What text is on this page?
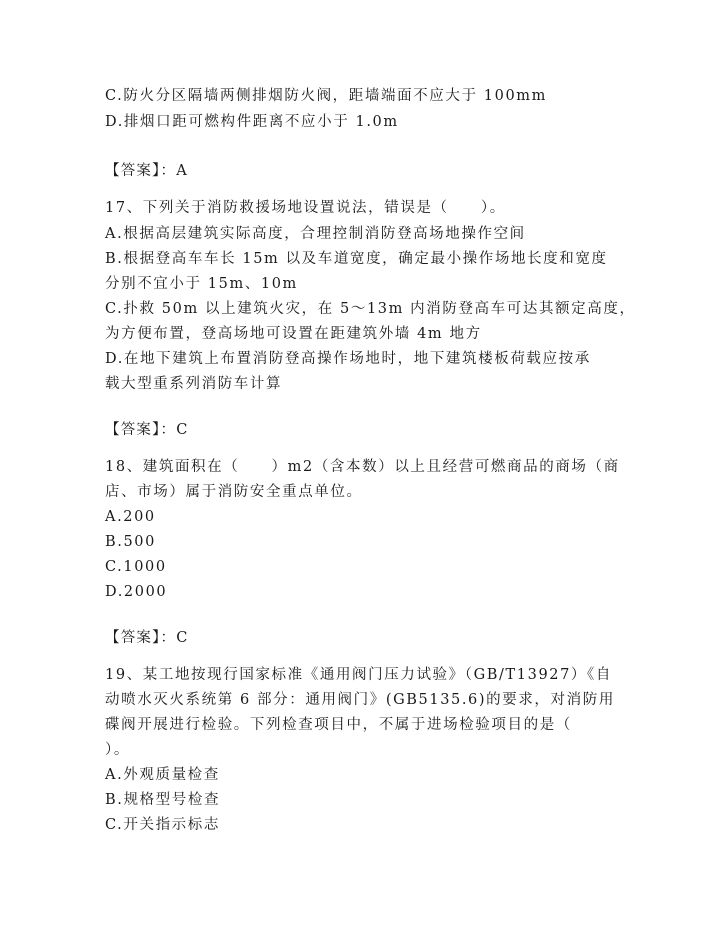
C.防火分区隔墙两侧排烟防火阀，距墙端面不应大于 100mm
D.排烟口距可燃构件距离不应小于 1.0m
【答案】：A
17、下列关于消防救援场地设置说法，错误是（　　）。
A.根据高层建筑实际高度，合理控制消防登高场地操作空间
B.根据登高车车长 15m 以及车道宽度，确定最小操作场地长度和宽度
分别不宜小于 15m、10m
C.扑救 50m 以上建筑火灾，在 5～13m 内消防登高车可达其额定高度，
为方便布置，登高场地可设置在距建筑外墙 4m 地方
D.在地下建筑上布置消防登高操作场地时，地下建筑楼板荷载应按承
载大型重系列消防车计算
【答案】：C
18、建筑面积在（　　）m2（含本数）以上且经营可燃商品的商场（商
店、市场）属于消防安全重点单位。
A.200
B.500
C.1000
D.2000
【答案】：C
19、某工地按现行国家标准《通用阀门压力试验》（GB/T13927）《自
动喷水灭火系统第 6 部分：通用阀门》(GB5135.6)的要求，对消防用
碟阀开展进行检验。下列检查项目中，不属于进场检验项目的是（
）。
A.外观质量检查
B.规格型号检查
C.开关指示标志
